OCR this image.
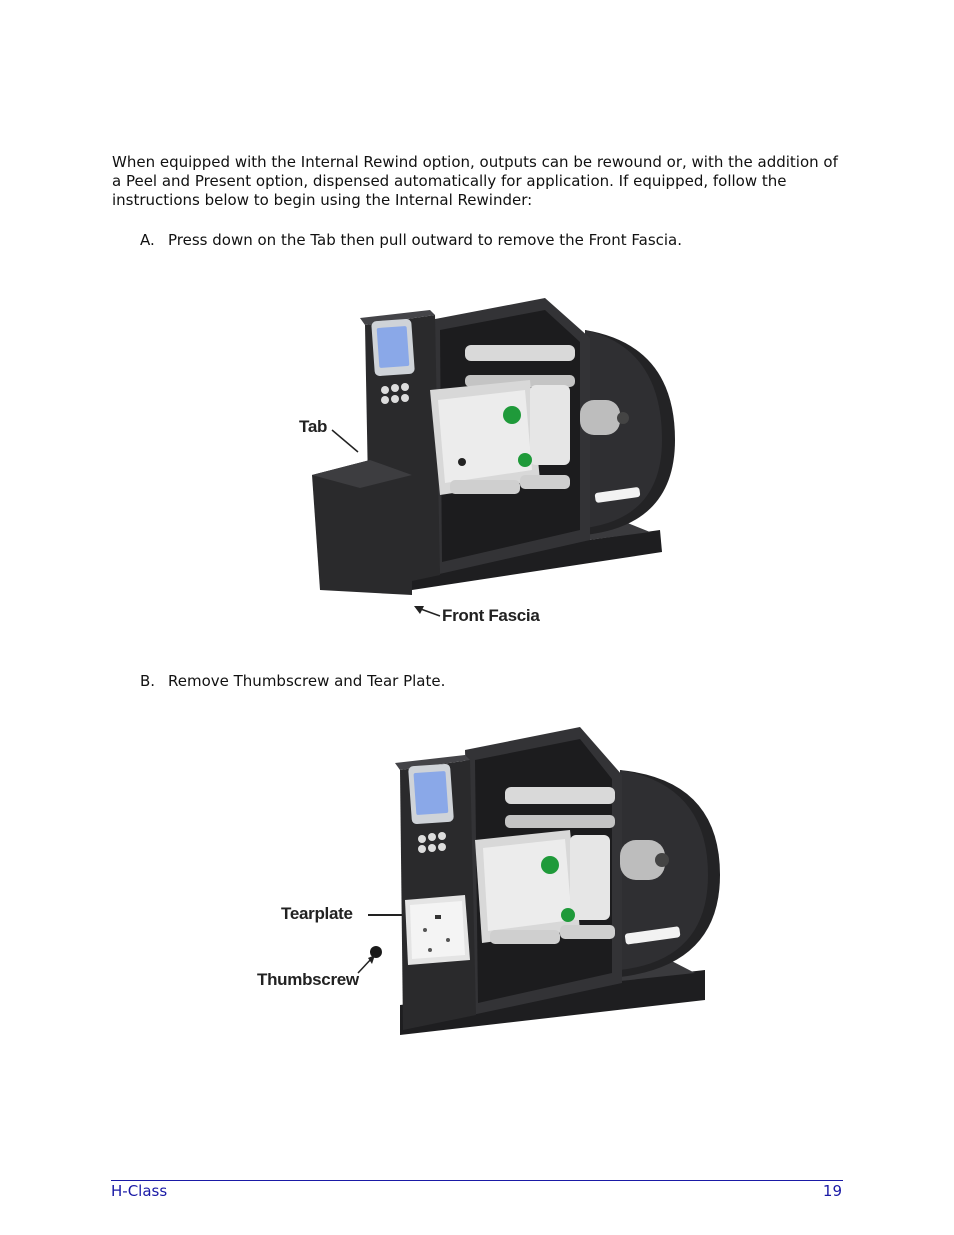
When equipped with the Internal Rewind option, outputs can be rewound or, with the addition of a Peel and Present option, dispensed automatically for application. If equipped, follow the instructions below to begin using the Internal Rewinder:

A. Press down on the Tab then pull outward to remove the Front Fascia.

Tab
Front Fascia

B. Remove Thumbscrew and Tear Plate.

Tearplate
Thumbscrew
H-Class	19
